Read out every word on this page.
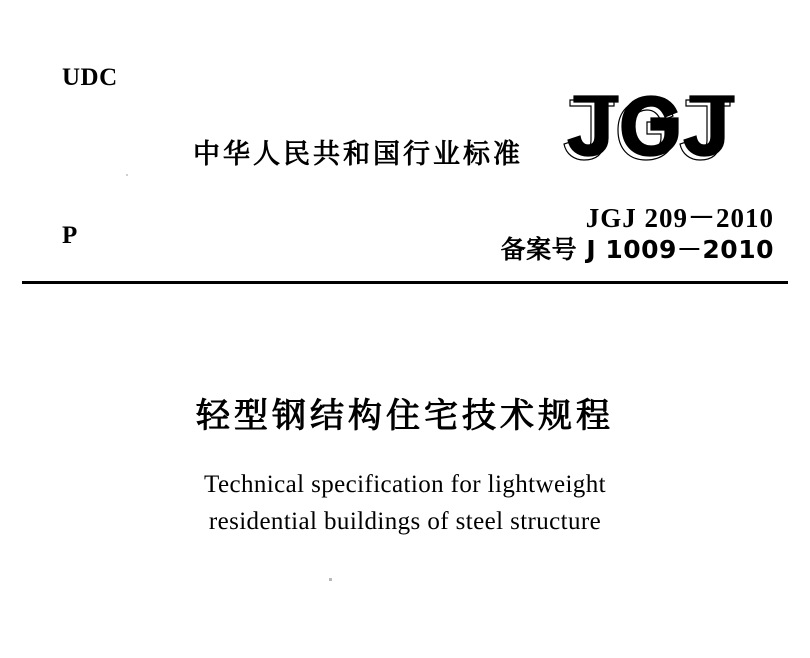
UDC
中华人民共和国行业标准
P
JGJ 209－2010
备案号 J 1009－2010
轻型钢结构住宅技术规程
Technical specification for lightweight
residential buildings of steel structure
